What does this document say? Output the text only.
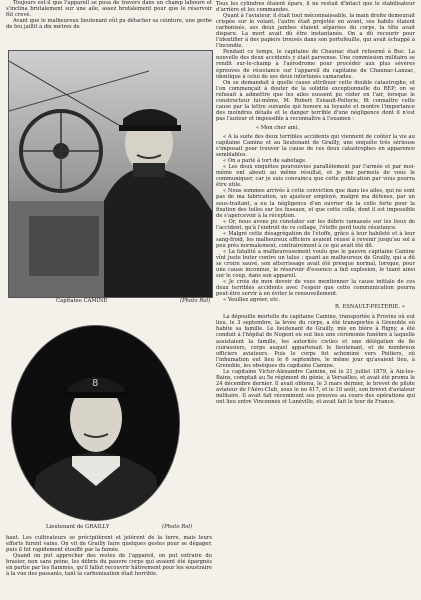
Toujours est-il que l'appareil se posa de travers dans un champ labouré et s'inclina brutalement sur une aile, assez brutalement pour que le réservoir fût crevé.

Avant que le malheureux lieutenant eût pu détacher sa ceinture, une gerbe de feu jaillit à dix mètres de

Capitaine CAMINE	(Photo Rol)
8
Lieutenant de GRAILLY	(Photo Rol)

haut. Les cultivateurs se précipitèrent et jetèrent de la terre, mais leurs efforts furent vains. On vit de Grailly faire quelques gestes pour se dégager, puis il fut rapidement étouffé par la fumée.

Quand on put approcher des restes de l'appareil, on put extraire du brasier, non sans peine, les débris du pauvre corps qui avaient été épargnés en partie par les flammes, qu'il fallut recouvrir hâtivement pour les soustraire à la vue des passants, tant la carbonisation était horrible.

Tous les cylindres étaient épars, il ne restait d'intact que le stabilisateur d'arrière et les commandes.

Quant à l'aviateur, il était tout méconnaissable, la main droite demeurait crispée sur le volant, l'autre était projetée en avant, ses habits étaient carbonisés, ses deux jambes étaient séparées du corps, la tête avait disparu. La mort avait dû être instantanée. On a dû recourir pour l'identifier à des papiers trouvés dans son portefeuille, qui avait échappé à l'incendie.

Pendant ce temps, le capitaine de Chaunac était retourné à Buc. La nouvelle des deux accidents y était parvenue. Une commission militaire se rendit sur-le-champ à l'aérodrome pour procéder aux plus sévères épreuves de résistance sur l'appareil du capitaine de Chaunac-Lanzac, identique à celui de ses deux infortunés camarades.

On se demandait à quelle cause attribuer cette double catastrophe, et l'on commençait à douter de la solidité exceptionnelle du REP; on se refusait à admettre que les ailes eussent pu céder en l'air, lorsque le constructeur lui-même, M. Robert Esnault-Pelterie, fit connaître cette cause par la lettre suivante qui honore sa loyauté et montre l'importance des moindres détails et le danger terrible d'une négligence dont il n'est pas l'auteur et impossible à reconnaître à l'examen :

« Mon cher ami,

« A la suite des deux terribles accidents qui viennent de coûter la vie au capitaine Camine et au lieutenant de Grailly, une enquête très sérieuse s'imposait pour trouver la cause de ces deux catastrophes en apparence semblables.

« On a parlé à tort de sabotage.

« Les deux enquêtes poursuivies parallèlement par l'armée et par moi-même ont abouti au même résultat, et je me permets de vous le communiquer, car je suis convaincu que cette publication par vous pourra être utile.

« Nous sommes arrivés à cette conviction que dans les ailes, qui ne sont pas de ma fabrication, un ajusteur employé, malgré ma défense, par un sous-traitant, a eu la négligence d'un ouvrier de la colle forte pour la fixation des toiles sur les fuseaux, et que cette colle, dont il est impossible de s'apercevoir à la réception.

« Or, nous avons pu constater sur les débris ramassés sur les lieux de l'accident, qu'à l'endroit de ce collage, l'étoffe perd toute résistance.

« Malgré cette désagrégation de l'étoffe, grâce à leur habileté et à leur sang-froid, les malheureux officiers avaient réussi à revenir jusqu'au sol à peu près normalement, contrairement à ce qui avait été dit.

« La fatalité a malheureusement voulu que le pauvre capitaine Camine vînt juste buter contre un talus ; quant au malheureux de Grailly, qui a dû se croire sauvé, son atterrissage avait été presque normal, lorsque, pour une cause inconnue, le réservoir d'essence a fait explosion, le tuant ainsi sur le coup, dans son appareil.

« Je crois de mon devoir de vous mentionner la cause initiale de ces deux terribles accidents avec l'espoir que cette communication pourra peut-être servir à en éviter le renouvellement.

« Veuillez agréer, etc.

R. ESNAULT-PELTERIE. »

La dépouille mortelle du capitaine Camine, transportée à Provins où eut lieu, le 3 septembre, la levée du corps, a été transportée à Grenoble où habite sa famille. Le lieutenant de Grailly, mis en bière à Rigny, a été conduit à l'hôpital de Nogent où eut lieu une cérémonie funèbre à laquelle assistaient la famille, les autorités civiles et une délégation de 8e cuirassiers, corps auquel appartenait le lieutenant, et de nombreux officiers aviateurs. Puis le corps fut acheminé vers Poitiers, où l'inhumation eut lieu le 6 septembre, le même jour qu'avaient lieu, à Grenoble, les obsèques du capitaine Camine.

Le capitaine Victor-Alexandre Camine, né le 21 juillet 1879, à Aix-les-Bains, comptait au 5e régiment du génie, à Versailles, et avait été promu le 24 décembre dernier. Il avait obtenu, le 3 mars dernier, le brevet de pilote aviateur de l'Aéro-Club, sous le no 417, et le 10 août, son brevet d'aviateur militaire. Il avait fait récemment ses preuves au cours des opérations qui ont lieu entre Vincennes et Lunéville, et avait fait le tour de France.
